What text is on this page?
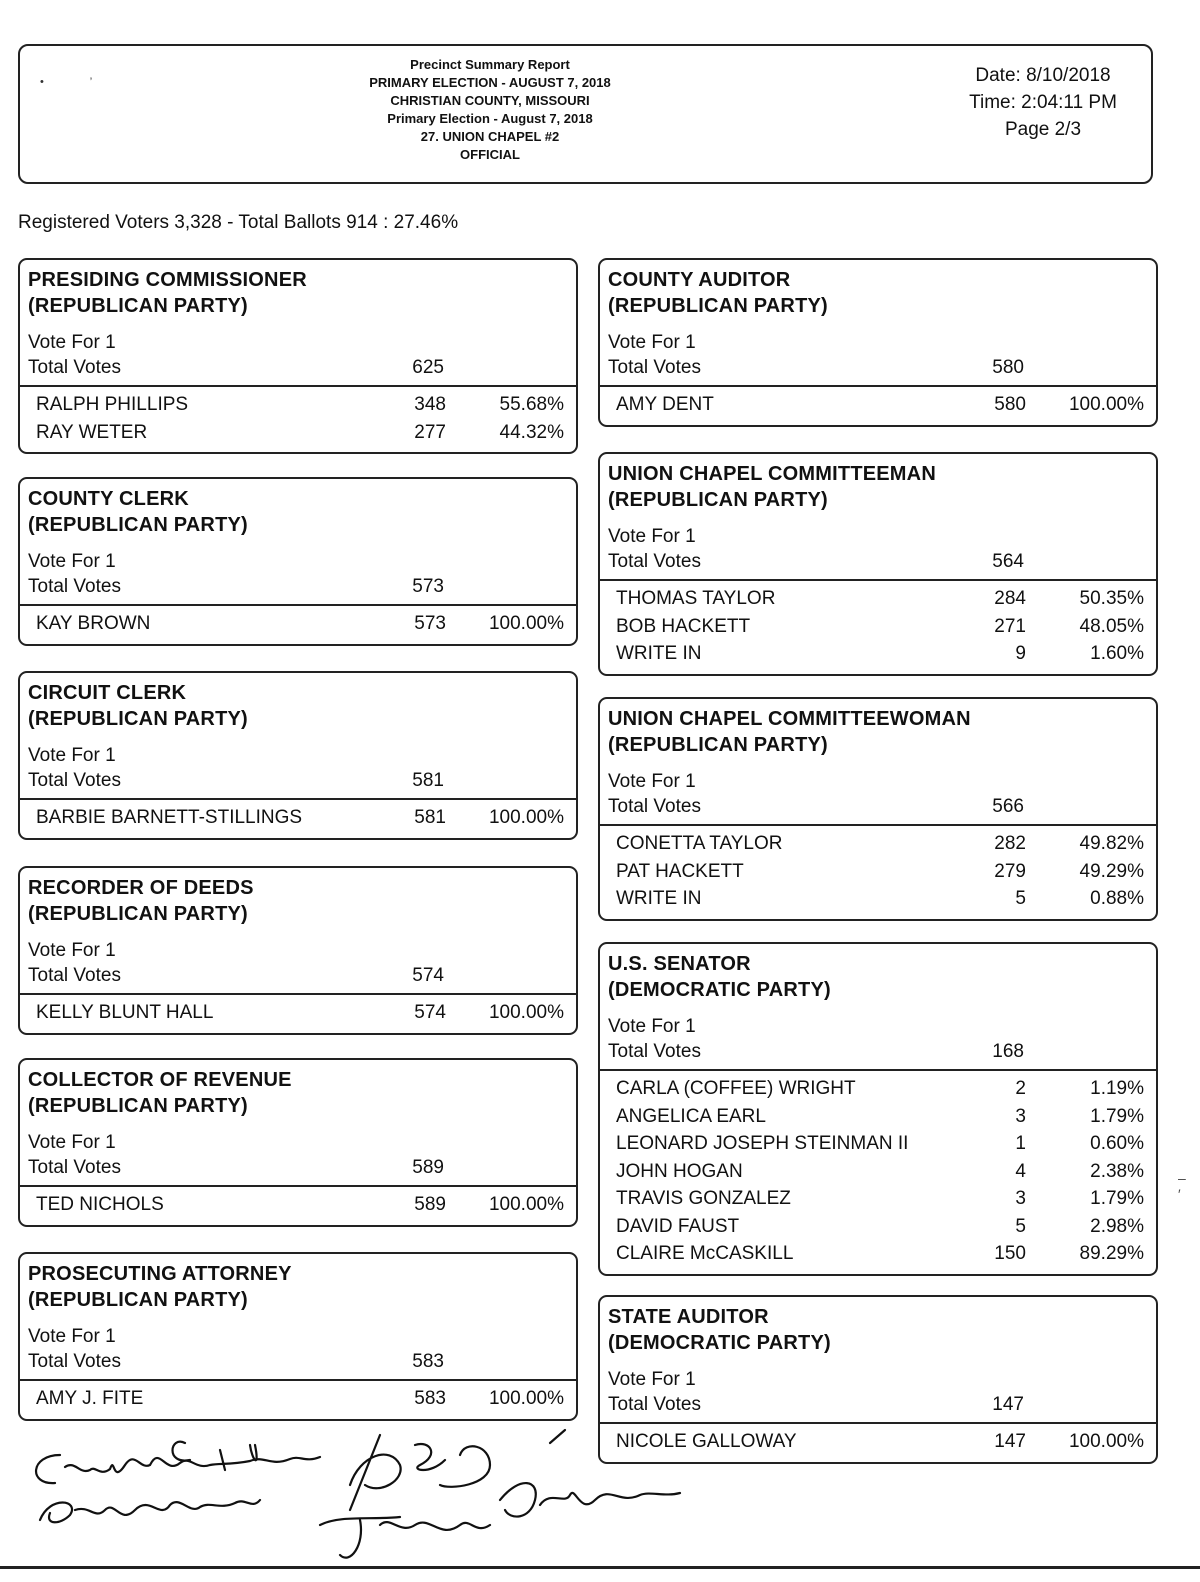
•               ’
Precinct Summary Report
PRIMARY ELECTION - AUGUST 7, 2018
CHRISTIAN COUNTY, MISSOURI
Primary Election - August 7, 2018
27. UNION CHAPEL #2
OFFICIAL
Date: 8/10/2018
Time: 2:04:11 PM
Page 2/3
Registered Voters 3,328 - Total Ballots 914 : 27.46%
PRESIDING COMMISSIONER
(REPUBLICAN PARTY)
Vote For 1
Total Votes	625
RALPH PHILLIPS	348	55.68%
RAY WETER	277	44.32%
COUNTY CLERK
(REPUBLICAN PARTY)
Vote For 1
Total Votes	573
KAY BROWN	573	100.00%
CIRCUIT CLERK
(REPUBLICAN PARTY)
Vote For 1
Total Votes	581
BARBIE BARNETT-STILLINGS	581	100.00%
RECORDER OF DEEDS
(REPUBLICAN PARTY)
Vote For 1
Total Votes	574
KELLY BLUNT HALL	574	100.00%
COLLECTOR OF REVENUE
(REPUBLICAN PARTY)
Vote For 1
Total Votes	589
TED NICHOLS	589	100.00%
PROSECUTING ATTORNEY
(REPUBLICAN PARTY)
Vote For 1
Total Votes	583
AMY J. FITE	583	100.00%
COUNTY AUDITOR
(REPUBLICAN PARTY)
Vote For 1
Total Votes	580
AMY DENT	580	100.00%
UNION CHAPEL COMMITTEEMAN
(REPUBLICAN PARTY)
Vote For 1
Total Votes	564
THOMAS TAYLOR	284	50.35%
BOB HACKETT	271	48.05%
WRITE IN	9	1.60%
UNION CHAPEL COMMITTEEWOMAN
(REPUBLICAN PARTY)
Vote For 1
Total Votes	566
CONETTA TAYLOR	282	49.82%
PAT HACKETT	279	49.29%
WRITE IN	5	0.88%
U.S. SENATOR
(DEMOCRATIC PARTY)
Vote For 1
Total Votes	168
CARLA (COFFEE) WRIGHT	2	1.19%
ANGELICA EARL	3	1.79%
LEONARD JOSEPH STEINMAN II	1	0.60%
JOHN HOGAN	4	2.38%
TRAVIS GONZALEZ	3	1.79%
DAVID FAUST	5	2.98%
CLAIRE McCASKILL	150	89.29%
STATE AUDITOR
(DEMOCRATIC PARTY)
Vote For 1
Total Votes	147
NICOLE GALLOWAY	147	100.00%
–
′
